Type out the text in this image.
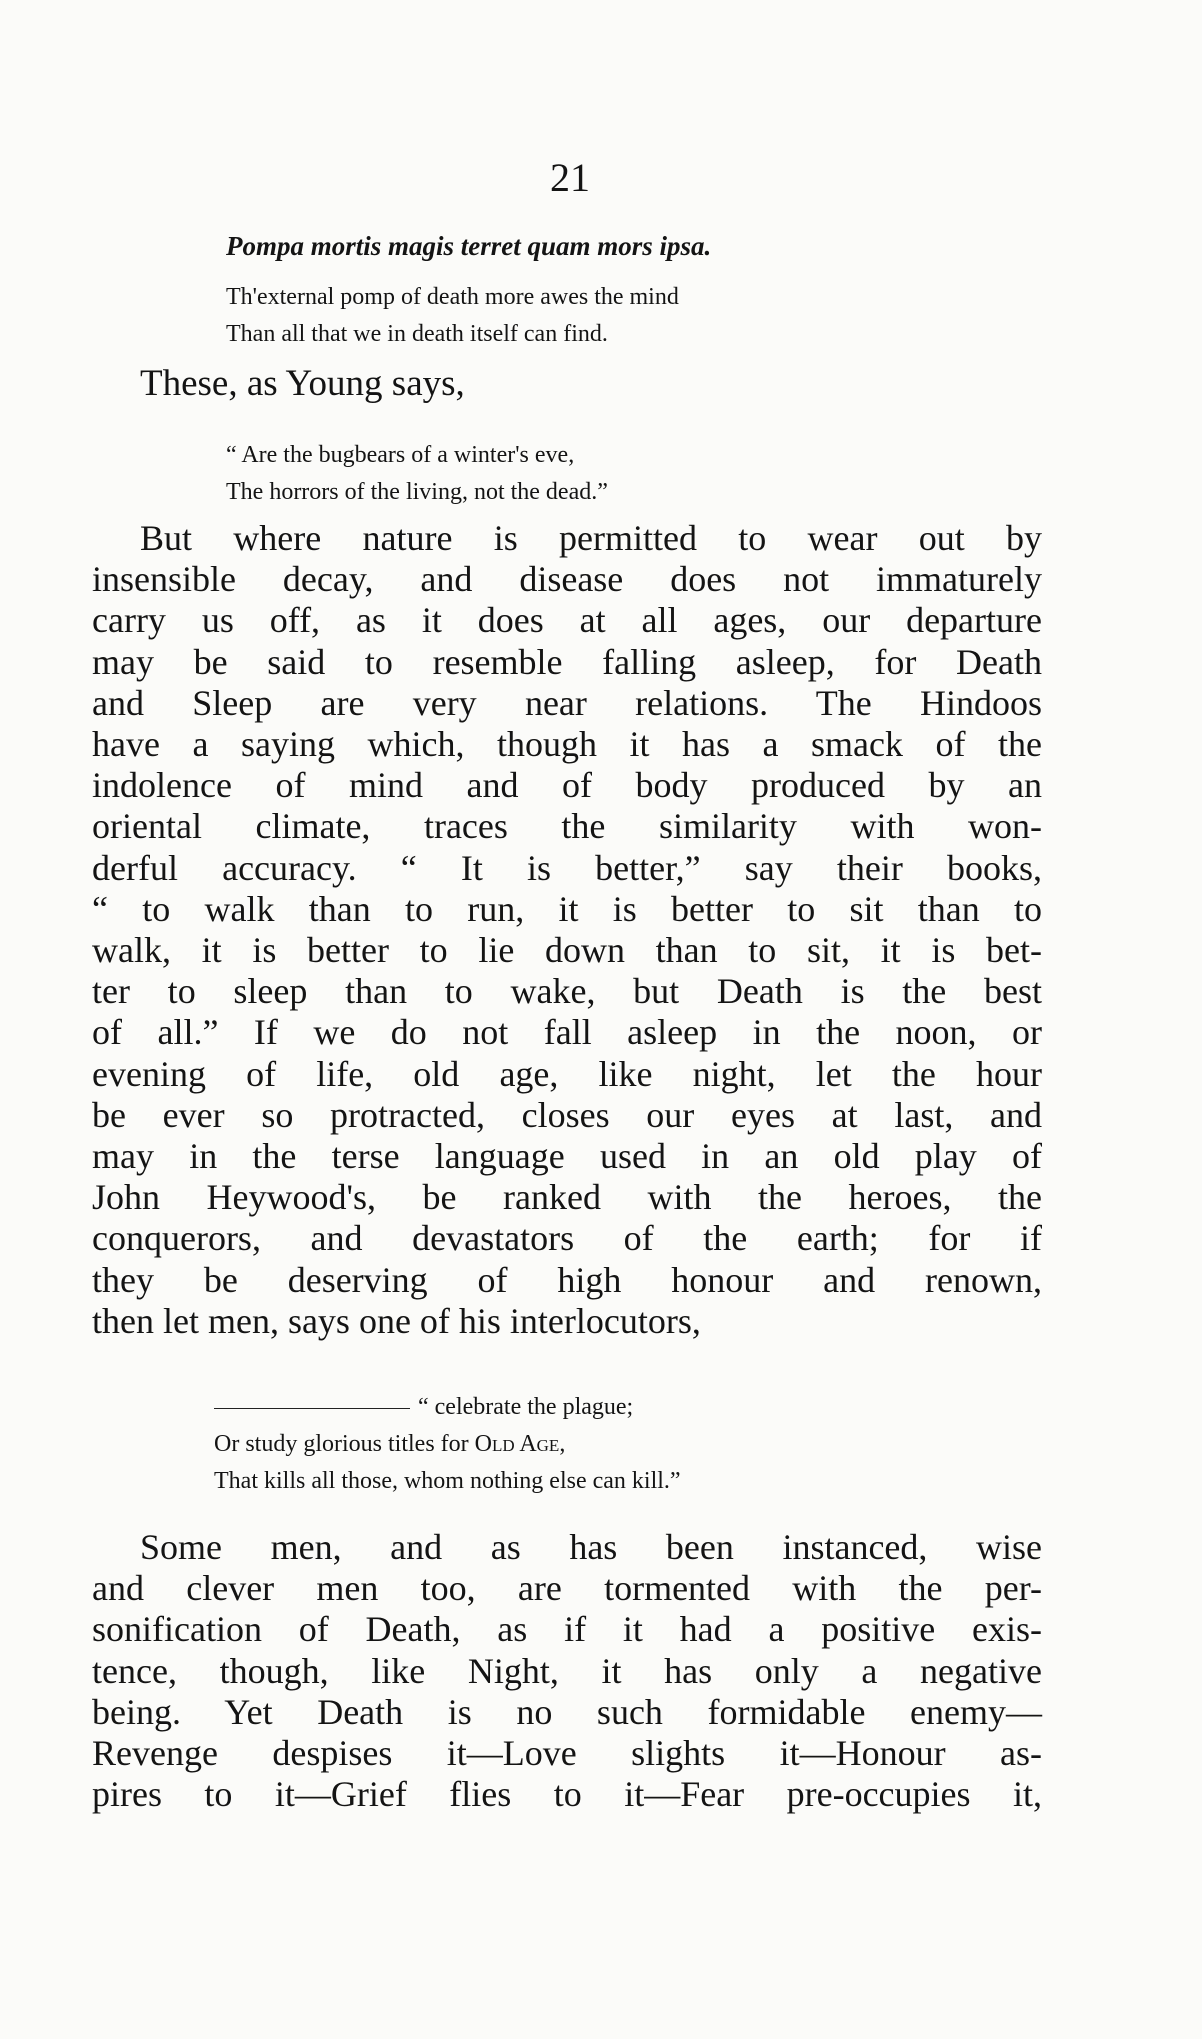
21
Pompa mortis magis terret quam mors ipsa.
Th'external pomp of death more awes the mind
Than all that we in death itself can find.
These, as Young says,
“ Are the bugbears of a winter's eve,
The horrors of the living, not the dead.”
But where nature is permitted to wear out by
insensible decay, and disease does not immaturely
carry us off, as it does at all ages, our departure
may be said to resemble falling asleep, for Death
and Sleep are very near relations. The Hindoos
have a saying which, though it has a smack of the
indolence of mind and of body produced by an
oriental climate, traces the similarity with won-
derful accuracy. “ It is better,” say their books,
“ to walk than to run, it is better to sit than to
walk, it is better to lie down than to sit, it is bet-
ter to sleep than to wake, but Death is the best
of all.” If we do not fall asleep in the noon, or
evening of life, old age, like night, let the hour
be ever so protracted, closes our eyes at last, and
may in the terse language used in an old play of
John Heywood's, be ranked with the heroes, the
conquerors, and devastators of the earth; for if
they be deserving of high honour and renown,
then let men, says one of his interlocutors,
“ celebrate the plague;
Or study glorious titles for Old Age,
That kills all those, whom nothing else can kill.”
Some men, and as has been instanced, wise
and clever men too, are tormented with the per-
sonification of Death, as if it had a positive exis-
tence, though, like Night, it has only a negative
being. Yet Death is no such formidable enemy—
Revenge despises it—Love slights it—Honour as-
pires to it—Grief flies to it—Fear pre-occupies it,
